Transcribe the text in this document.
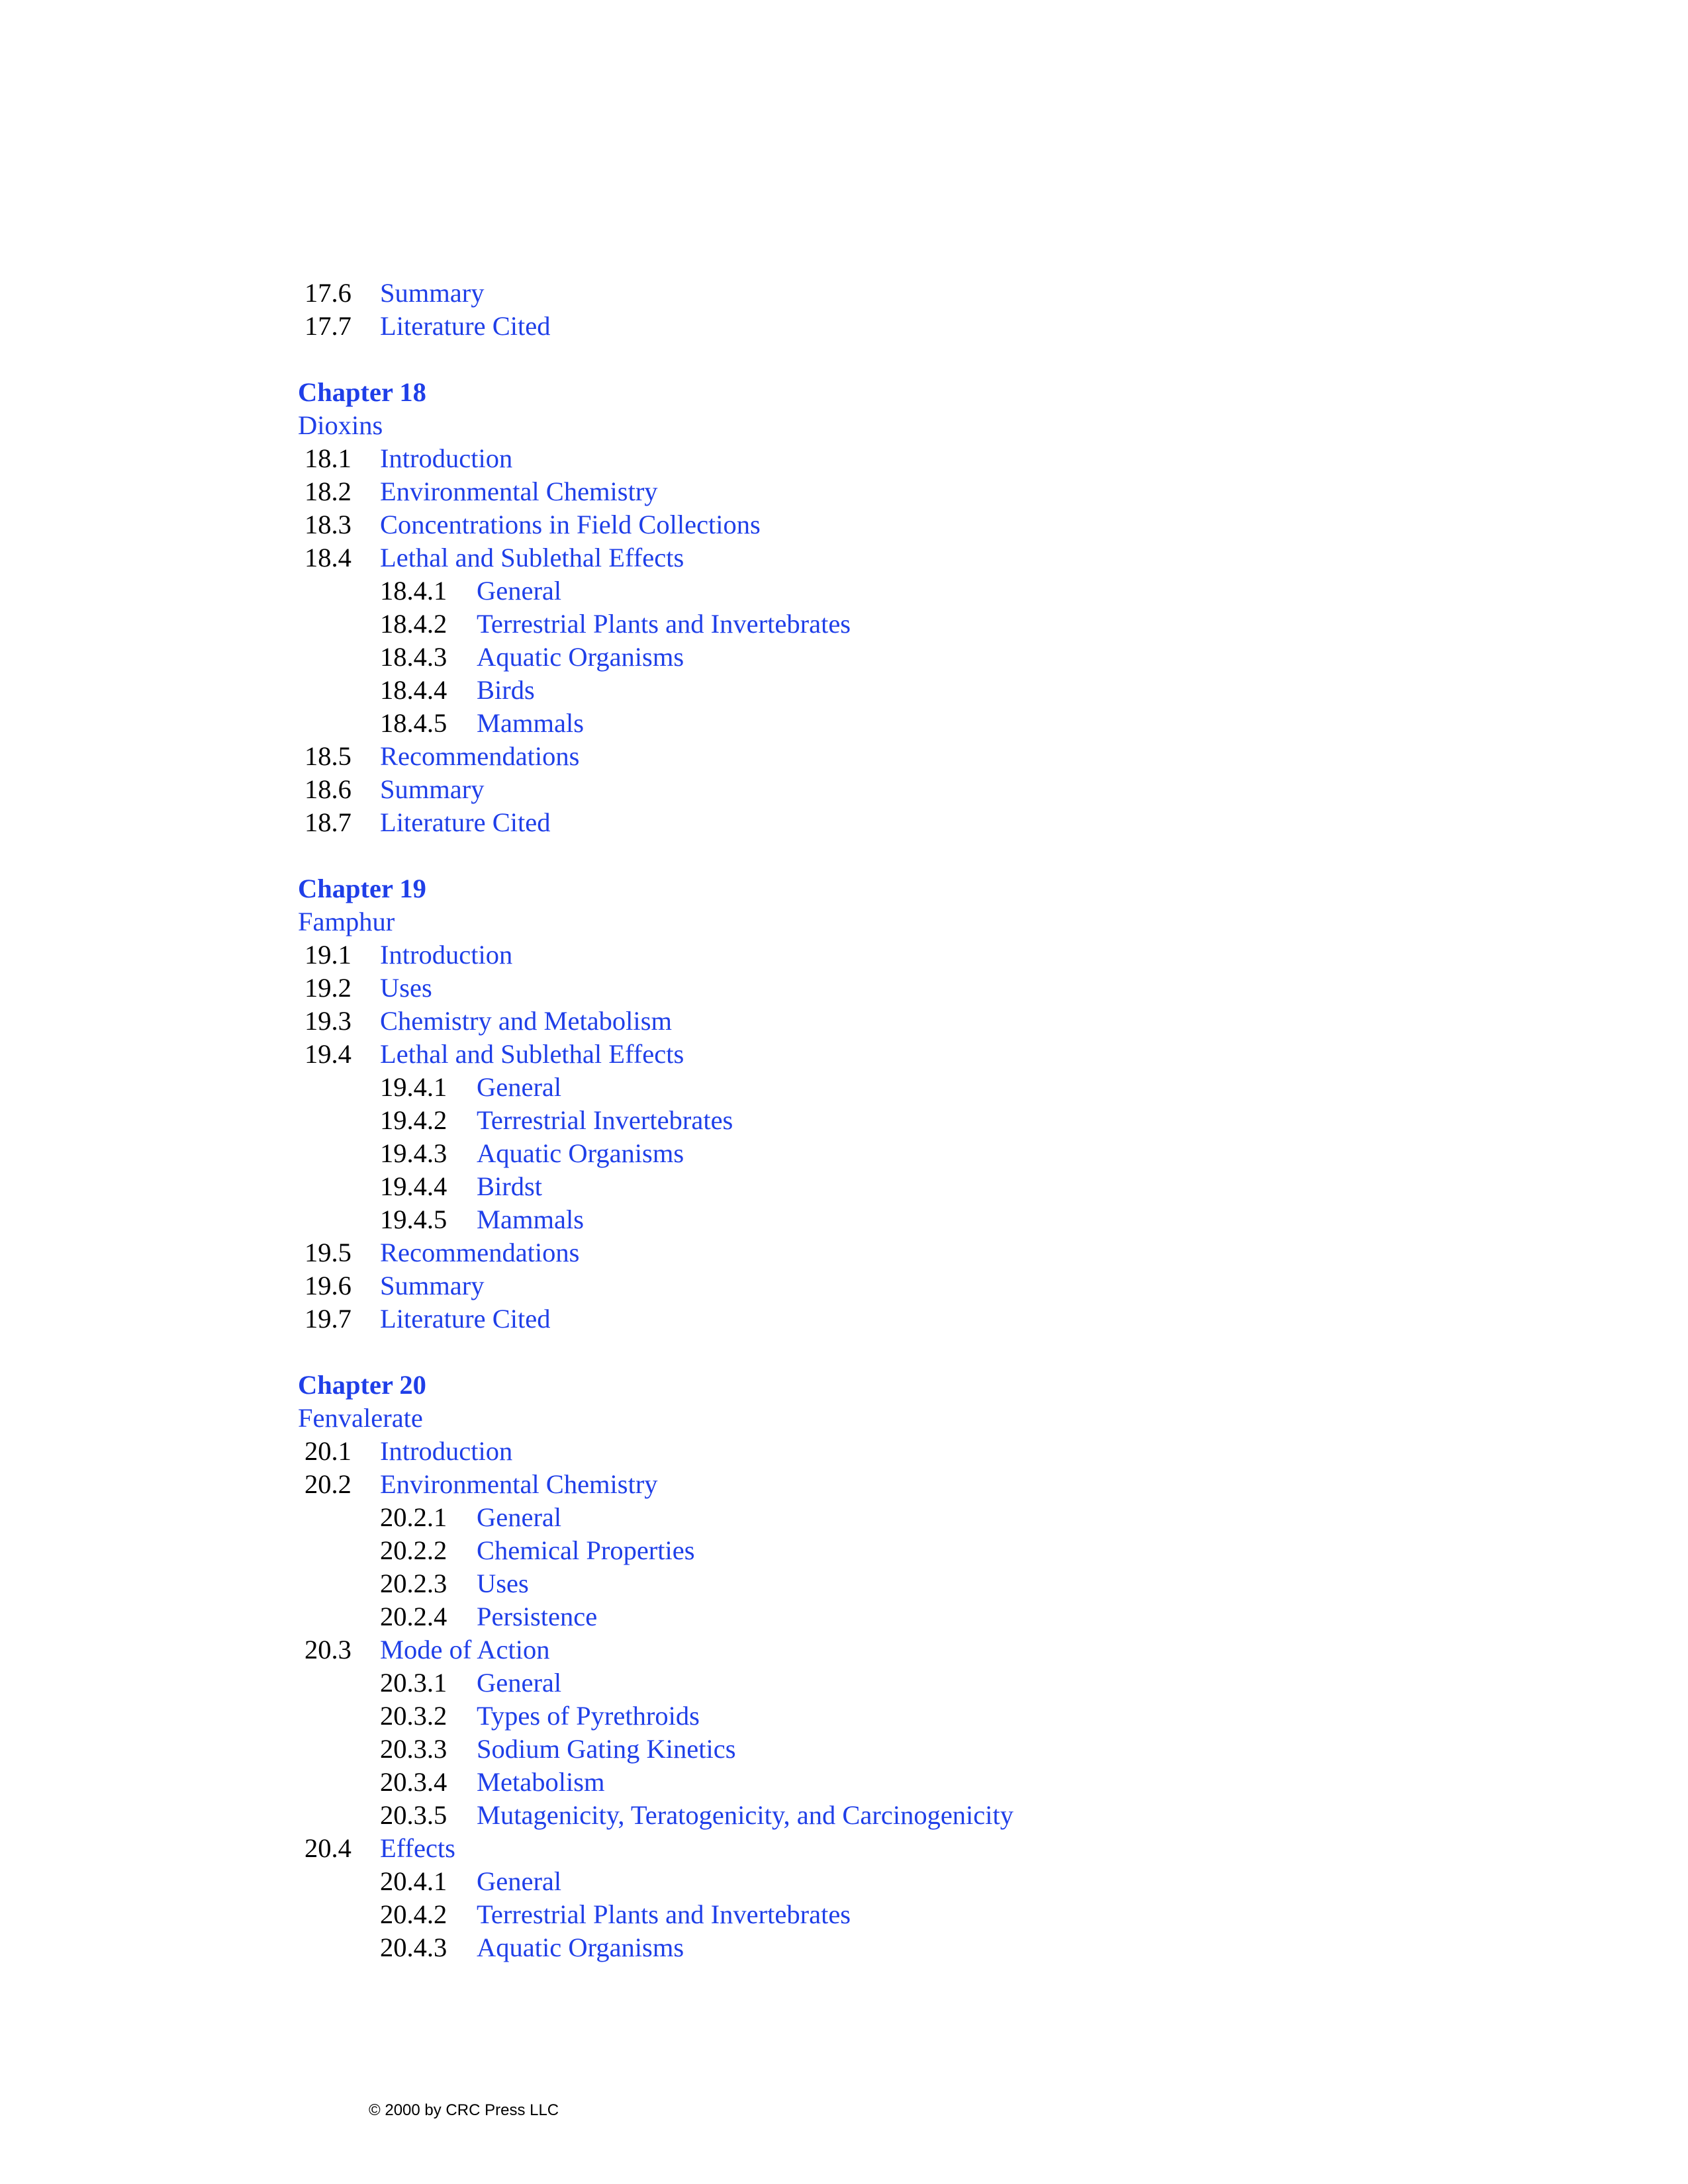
17.6 Summary
17.7 Literature Cited
Chapter 18
Dioxins
18.1 Introduction
18.2 Environmental Chemistry
18.3 Concentrations in Field Collections
18.4 Lethal and Sublethal Effects
18.4.1 General
18.4.2 Terrestrial Plants and Invertebrates
18.4.3 Aquatic Organisms
18.4.4 Birds
18.4.5 Mammals
18.5 Recommendations
18.6 Summary
18.7 Literature Cited
Chapter 19
Famphur
19.1 Introduction
19.2 Uses
19.3 Chemistry and Metabolism
19.4 Lethal and Sublethal Effects
19.4.1 General
19.4.2 Terrestrial Invertebrates
19.4.3 Aquatic Organisms
19.4.4 Birdst
19.4.5 Mammals
19.5 Recommendations
19.6 Summary
19.7 Literature Cited
Chapter 20
Fenvalerate
20.1 Introduction
20.2 Environmental Chemistry
20.2.1 General
20.2.2 Chemical Properties
20.2.3 Uses
20.2.4 Persistence
20.3 Mode of Action
20.3.1 General
20.3.2 Types of Pyrethroids
20.3.3 Sodium Gating Kinetics
20.3.4 Metabolism
20.3.5 Mutagenicity, Teratogenicity, and Carcinogenicity
20.4 Effects
20.4.1 General
20.4.2 Terrestrial Plants and Invertebrates
20.4.3 Aquatic Organisms
© 2000 by CRC Press LLC
